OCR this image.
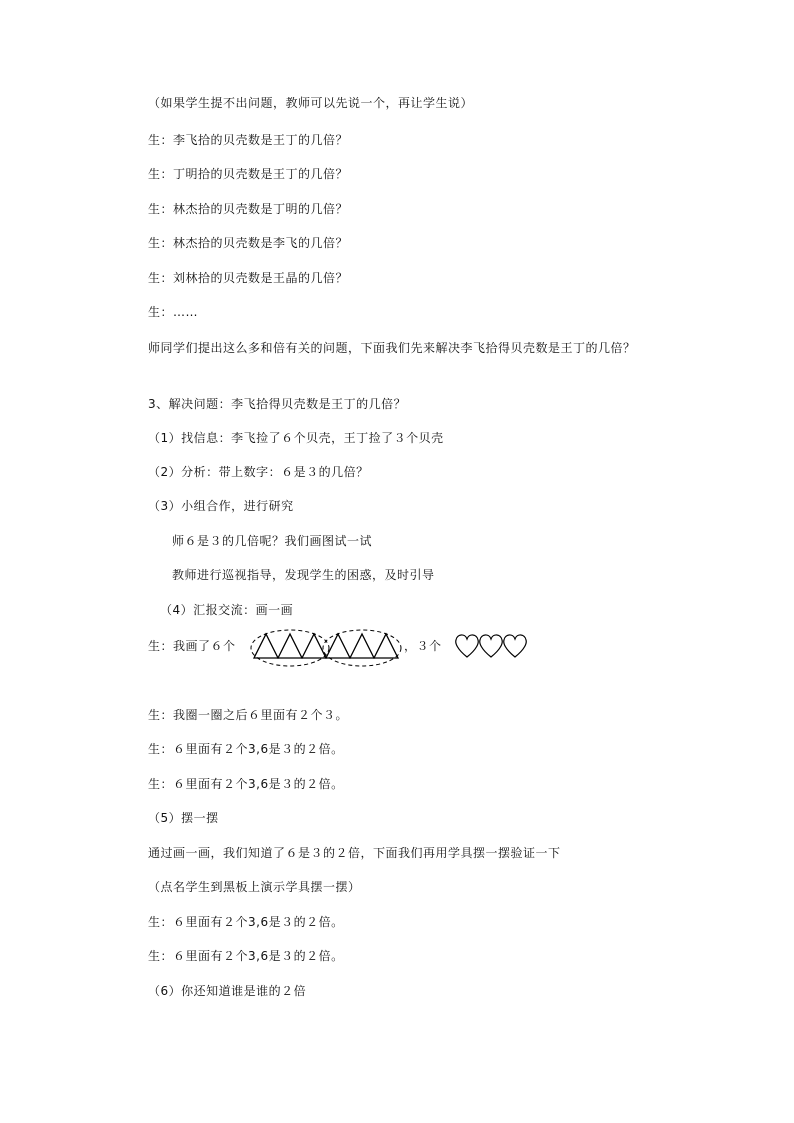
（如果学生提不出问题，教师可以先说一个，再让学生说）
生：李飞拾的贝壳数是王丁的几倍？
生：丁明拾的贝壳数是王丁的几倍？
生：林杰拾的贝壳数是丁明的几倍？
生：林杰拾的贝壳数是李飞的几倍？
生：刘林拾的贝壳数是王晶的几倍？
生：……
师同学们提出这么多和倍有关的问题，下面我们先来解决李飞拾得贝壳数是王丁的几倍？
3、解决问题：李飞拾得贝壳数是王丁的几倍？
（1）找信息：李飞捡了６个贝壳，王丁捡了３个贝壳
（2）分析：带上数字：６是３的几倍？
（3）小组合作，进行研究
师６是３的几倍呢？我们画图试一试
教师进行巡视指导，发现学生的困惑，及时引导
（4）汇报交流：画一画
生：我画了６个	，３个
生：我圈一圈之后６里面有２个３。
生：６里面有２个3,6是３的２倍。
生：６里面有２个3,6是３的２倍。
（5）摆一摆
通过画一画，我们知道了６是３的２倍，下面我们再用学具摆一摆验证一下
（点名学生到黑板上演示学具摆一摆）
生：６里面有２个3,6是３的２倍。
生：６里面有２个3,6是３的２倍。
（6）你还知道谁是谁的２倍
